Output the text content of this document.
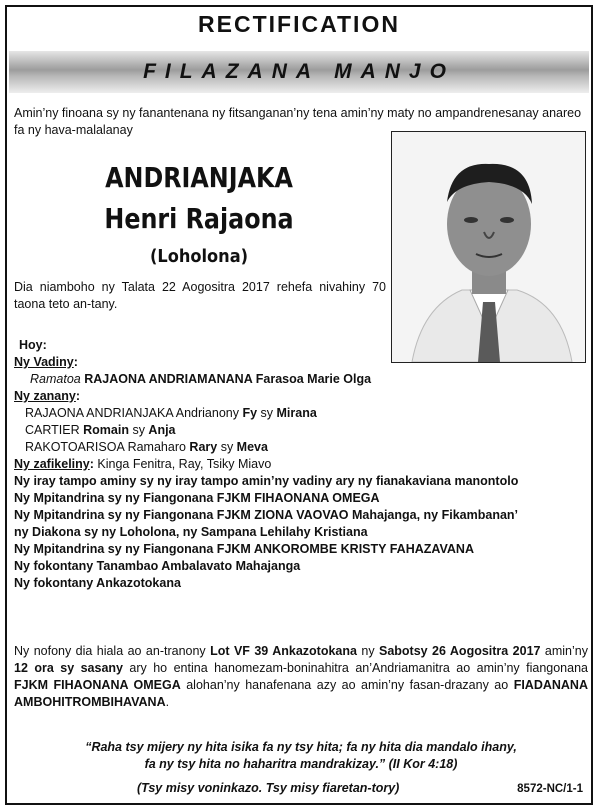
RECTIFICATION
FILAZANA MANJO
Amin’ny finoana sy ny fanantenana ny fitsanganan’ny tena amin’ny maty no ampandrenesanay anareo fa ny hava-malalanay
ANDRIANJAKA
Henri Rajaona
(Loholona)
Dia niamboho ny Talata 22 Aogositra 2017 rehefa nivahiny 70 taona teto an-tany.
Hoy:
Ny Vadiny:
Ramatoa RAJAONA ANDRIAMANANA Farasoa Marie Olga
Ny zanany:
RAJAONA ANDRIANJAKA Andrianony Fy sy Mirana
CARTIER Romain sy Anja
RAKOTOARISOA Ramaharo Rary sy Meva
Ny zafikeliny: Kinga Fenitra, Ray, Tsiky Miavo
Ny iray tampo aminy sy ny iray tampo amin’ny vadiny ary ny fianakaviana manontolo
Ny Mpitandrina sy ny Fiangonana FJKM FIHAONANA OMEGA
Ny Mpitandrina sy ny Fiangonana FJKM ZIONA VAOVAO Mahajanga, ny Fikambanan’
ny Diakona sy ny Loholona, ny Sampana Lehilahy Kristiana
Ny Mpitandrina sy ny Fiangonana FJKM ANKOROMBE KRISTY FAHAZAVANA
Ny fokontany Tanambao Ambalavato Mahajanga
Ny fokontany Ankazotokana
Ny nofony dia hiala ao an-tranony Lot VF 39 Ankazotokana ny Sabotsy 26 Aogositra 2017 amin’ny 12 ora sy sasany ary ho entina hanomezam-boninahitra an’Andriamanitra ao amin’ny fiangonana FJKM FIHAONANA OMEGA alohan’ny hanafenana azy ao amin’ny fasan-drazany ao FIADANANA AMBOHITROMBIHAVANA.
“Raha tsy mijery ny hita isika fa ny tsy hita; fa ny hita dia mandalo ihany,
fa ny tsy hita no haharitra mandrakizay.” (II Kor 4:18)
(Tsy misy voninkazo. Tsy misy fiaretan-tory)	8572-NC/1-1
